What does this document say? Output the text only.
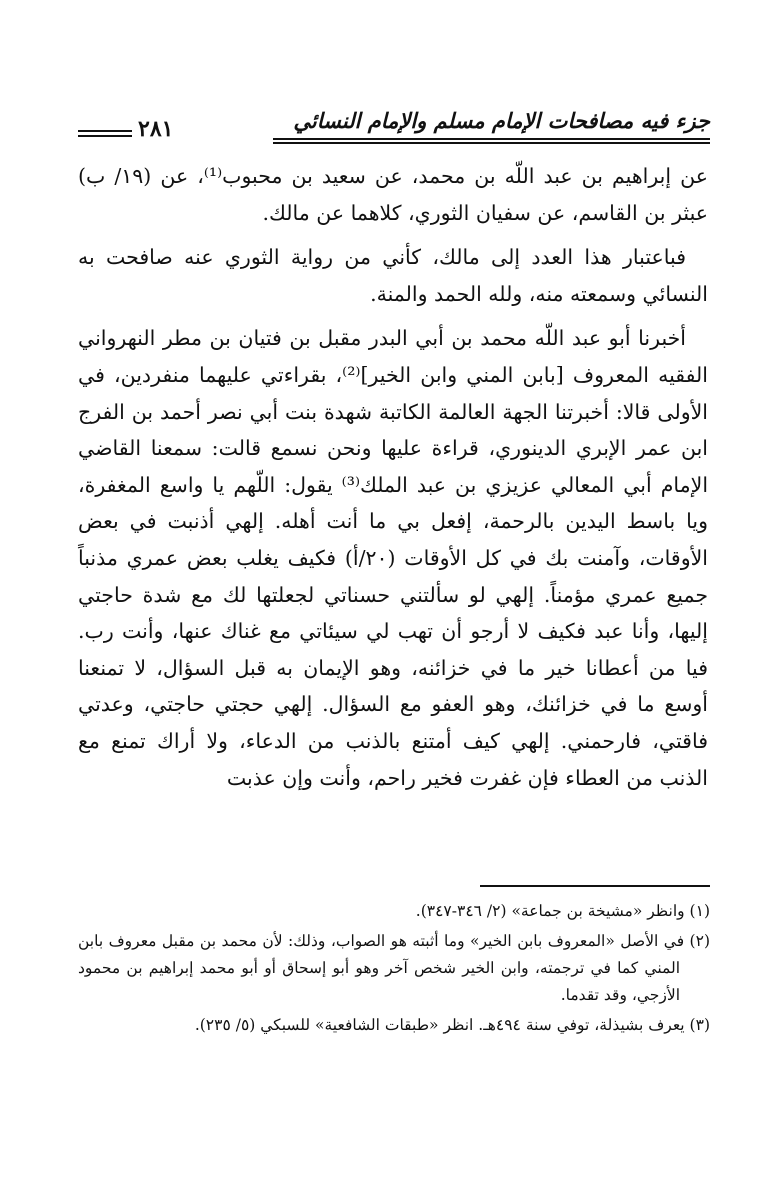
جزء فيه مصافحات الإمام مسلم والإمام النسائي
٢٨١

عن إبراهيم بن عبد اللّه بن محمد، عن سعيد بن محبوب⁽¹⁾، عن (١٩/ ب) عبثر بن القاسم، عن سفيان الثوري، كلاهما عن مالك.

فباعتبار هذا العدد إلى مالك، كأني من رواية الثوري عنه صافحت به النسائي وسمعته منه، ولله الحمد والمنة.

أخبرنا أبو عبد اللّه محمد بن أبي البدر مقبل بن فتيان بن مطر النهرواني الفقيه المعروف [بابن المني وابن الخير]⁽²⁾، بقراءتي عليهما منفردين، في الأولى قالا: أخبرتنا الجهة العالمة الكاتبة شهدة بنت أبي نصر أحمد بن الفرج ابن عمر الإبري الدينوري، قراءة عليها ونحن نسمع قالت: سمعنا القاضي الإمام أبي المعالي عزيزي بن عبد الملك⁽³⁾ يقول: اللّهم يا واسع المغفرة، ويا باسط اليدين بالرحمة، إفعل بي ما أنت أهله. إلهي أذنبت في بعض الأوقات، وآمنت بك في كل الأوقات (٢٠/أ) فكيف يغلب بعض عمري مذنباً جميع عمري مؤمناً. إلهي لو سألتني حسناتي لجعلتها لك مع شدة حاجتي إليها، وأنا عبد فكيف لا أرجو أن تهب لي سيئاتي مع غناك عنها، وأنت رب. فيا من أعطانا خير ما في خزائنه، وهو الإيمان به قبل السؤال، لا تمنعنا أوسع ما في خزائنك، وهو العفو مع السؤال. إلهي حجتي حاجتي، وعدتي فاقتي، فارحمني. إلهي كيف أمتنع بالذنب من الدعاء، ولا أراك تمنع مع الذنب من العطاء فإن غفرت فخير راحم، وأنت وإن عذبت

(١) وانظر «مشيخة بن جماعة» (٢/ ٣٤٦-٣٤٧).

(٢) في الأصل «المعروف بابن الخير» وما أثبته هو الصواب، وذلك: لأن محمد بن مقبل معروف بابن المني كما في ترجمته، وابن الخير شخص آخر وهو أبو إسحاق أو أبو محمد إبراهيم بن محمود الأزجي، وقد تقدما.

(٣) يعرف بشيذلة، توفي سنة ٤٩٤هـ. انظر «طبقات الشافعية» للسبكي (٥/ ٢٣٥).
